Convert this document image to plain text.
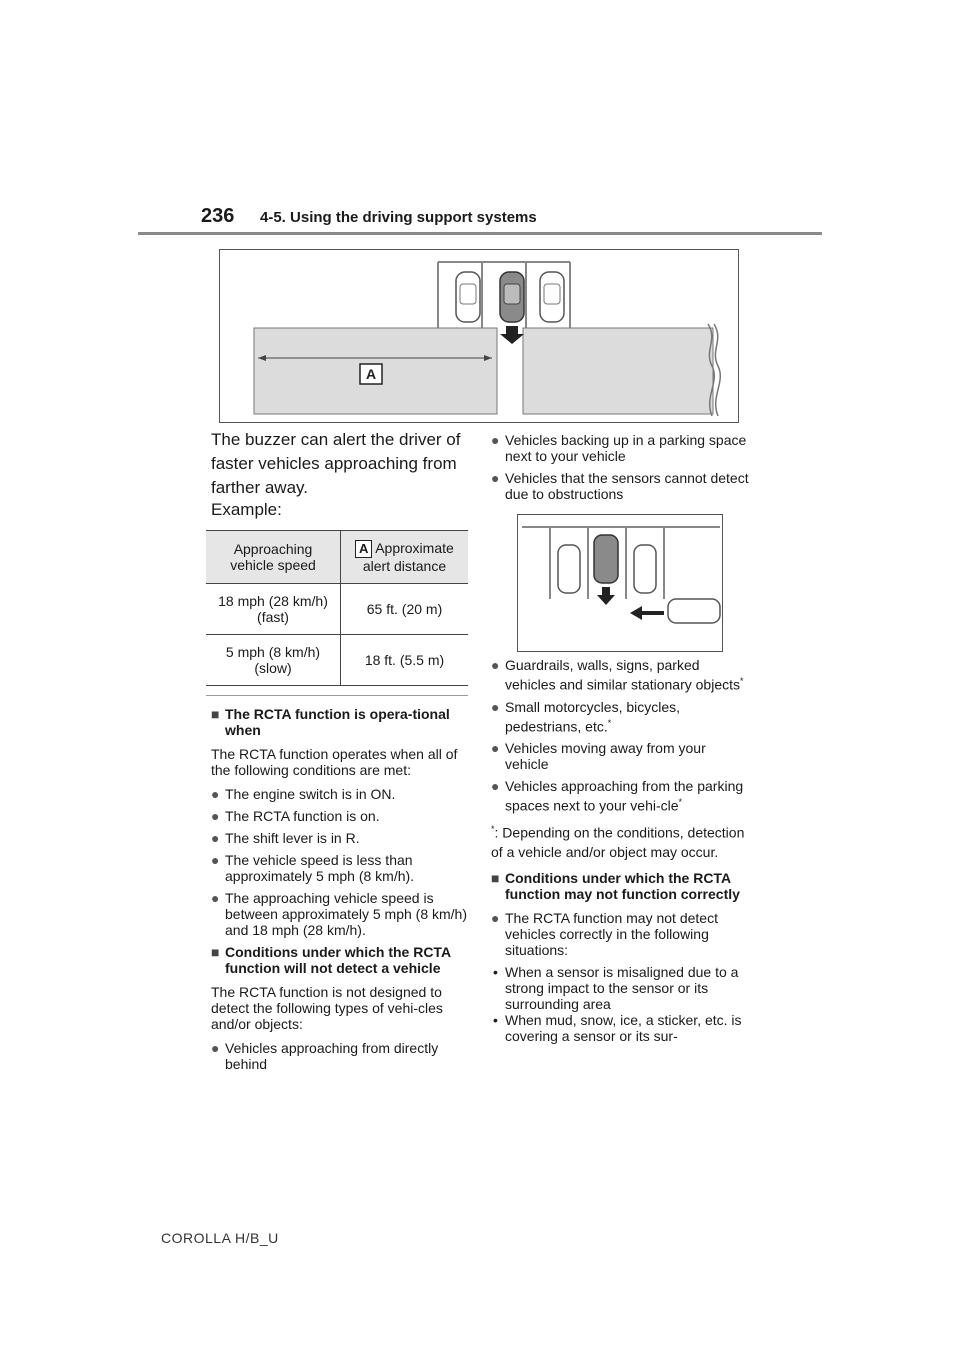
236 4-5. Using the driving support systems
A
The buzzer can alert the driver of faster vehicles approaching from farther away.
Example:
Approaching vehicle speed	A Approximate alert distance
18 mph (28 km/h) (fast)	65 ft. (20 m)
5 mph (8 km/h) (slow)	18 ft. (5.5 m)
■ The RCTA function is opera-tional when
The RCTA function operates when all of the following conditions are met:
● The engine switch is in ON.
● The RCTA function is on.
● The shift lever is in R.
● The vehicle speed is less than approximately 5 mph (8 km/h).
● The approaching vehicle speed is between approximately 5 mph (8 km/h) and 18 mph (28 km/h).
■ Conditions under which the RCTA function will not detect a vehicle
The RCTA function is not designed to detect the following types of vehi-cles and/or objects:
● Vehicles approaching from directly behind
● Vehicles backing up in a parking space next to your vehicle
● Vehicles that the sensors cannot detect due to obstructions
● Guardrails, walls, signs, parked vehicles and similar stationary objects*
● Small motorcycles, bicycles, pedestrians, etc.*
● Vehicles moving away from your vehicle
● Vehicles approaching from the parking spaces next to your vehi-cle*
*: Depending on the conditions, detection of a vehicle and/or object may occur.
■ Conditions under which the RCTA function may not function correctly
● The RCTA function may not detect vehicles correctly in the following situations:
• When a sensor is misaligned due to a strong impact to the sensor or its surrounding area
• When mud, snow, ice, a sticker, etc. is covering a sensor or its sur-
COROLLA H/B_U
